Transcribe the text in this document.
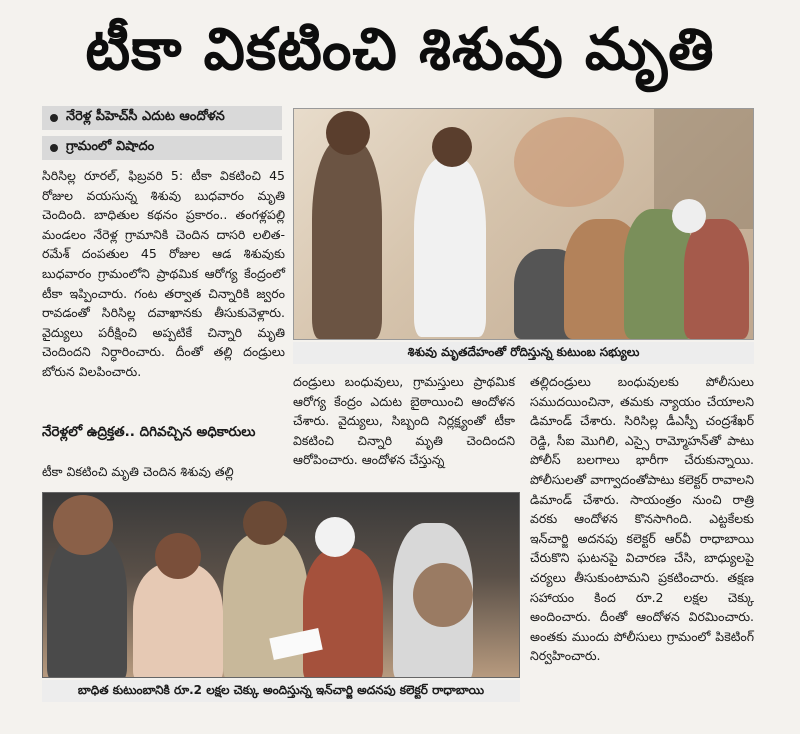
టీకా వికటించి శిశువు మృతి
నేరెళ్ల పీహెచ్‌సీ ఎదుట ఆందోళన
గ్రామంలో విషాదం

సిరిసిల్ల రూరల్‌, ఫిబ్రవరి 5: టీకా వికటించి 45 రోజుల వయసున్న శిశువు బుధవారం మృతి చెందింది. బాధితుల కథనం ప్రకారం.. తంగళ్లపల్లి మండలం నేరెళ్ల గ్రామానికి చెందిన దాసరి లలిత-రమేశ్‌ దంపతుల 45 రోజుల ఆడ శిశువుకు బుధవారం గ్రామంలోని ప్రాథమిక ఆరోగ్య కేంద్రంలో టీకా ఇప్పించారు. గంట తర్వాత చిన్నారికి జ్వరం రావడంతో సిరిసిల్ల దవాఖానకు తీసుకువెళ్లారు. వైద్యులు పరీక్షించి అప్పటికే చిన్నారి మృతి చెందిందని నిర్ధారించారు. దీంతో తల్లి దండ్రులు బోరున విలపించారు.

నేరెళ్లలో ఉద్రిక్తత.. దిగివచ్చిన అధికారులు

టీకా వికటించి మృతి చెందిన శిశువు తల్లి

శిశువు మృతదేహంతో రోదిస్తున్న కుటుంబ సభ్యులు

దండ్రులు బంధువులు, గ్రామస్తులు ప్రాథమిక ఆరోగ్య కేంద్రం ఎదుట బైఠాయించి ఆందోళన చేశారు. వైద్యులు, సిబ్బంది నిర్లక్ష్యంతో టీకా వికటించి చిన్నారి మృతి చెందిందని ఆరోపించారు. ఆందోళన చేస్తున్న

తల్లిదండ్రులు బంధువులకు పోలీసులు సముదయించినా, తమకు న్యాయం చేయాలని డిమాండ్‌ చేశారు. సిరిసిల్ల డీఎస్పీ చంద్రశేఖర్‌ రెడ్డి, సీఐ మొగిలి, ఎస్సై రామ్మోహన్‌తో పాటు పోలీస్‌ బలగాలు భారీగా చేరుకున్నాయి. పోలీసులతో వాగ్వాదంతోపాటు కలెక్టర్‌ రావాలని డిమాండ్‌ చేశారు. సాయంత్రం నుంచి రాత్రి వరకు ఆందోళన కొనసాగింది. ఎట్టకేలకు ఇన్‌చార్జి అదనపు కలెక్టర్‌ ఆర్‌వీ రాధాబాయి చేరుకొని ఘటనపై విచారణ చేసి, బాధ్యులపై చర్యలు తీసుకుంటామని ప్రకటించారు. తక్షణ సహాయం కింద రూ.2 లక్షల చెక్కు అందించారు. దీంతో ఆందోళన విరమించారు. అంతకు ముందు పోలీసులు గ్రామంలో పికెటింగ్‌ నిర్వహించారు.

బాధిత కుటుంబానికి రూ.2 లక్షల చెక్కు అందిస్తున్న ఇన్‌చార్జి అదనపు కలెక్టర్‌ రాధాబాయి
